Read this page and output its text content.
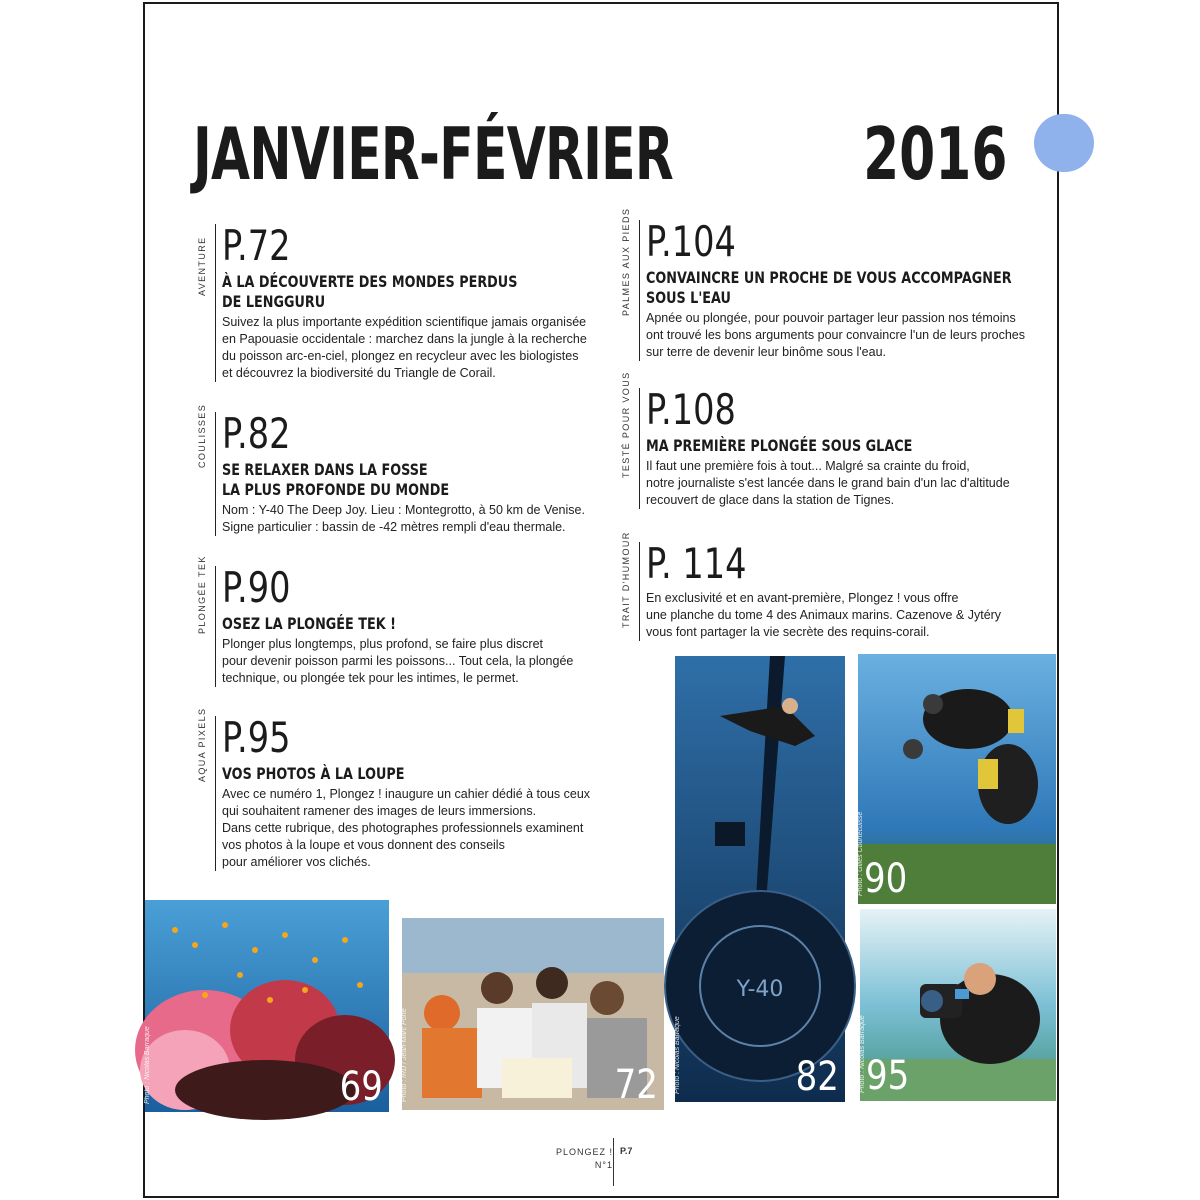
JANVIER-FÉVRIER	2016
AVENTURE P.72
À LA DÉCOUVERTE DES MONDES PERDUS
DE LENGGURU
Suivez la plus importante expédition scientifique jamais organisée
en Papouasie occidentale : marchez dans la jungle à la recherche
du poisson arc-en-ciel, plongez en recycleur avec les biologistes
et découvrez la biodiversité du Triangle de Corail.
COULISSES P.82
SE RELAXER DANS LA FOSSE
LA PLUS PROFONDE DU MONDE
Nom : Y-40 The Deep Joy. Lieu : Montegrotto, à 50 km de Venise.
Signe particulier : bassin de -42 mètres rempli d'eau thermale.
PLONGÉE TEK P.90
OSEZ LA PLONGÉE TEK !
Plonger plus longtemps, plus profond, se faire plus discret
pour devenir poisson parmi les poissons... Tout cela, la plongée
technique, ou plongée tek pour les intimes, le permet.
AQUA PIXELS P.95
VOS PHOTOS À LA LOUPE
Avec ce numéro 1, Plongez ! inaugure un cahier dédié à tous ceux
qui souhaitent ramener des images de leurs immersions.
Dans cette rubrique, des photographes professionnels examinent
vos photos à la loupe et vous donnent des conseils
pour améliorer vos clichés.
PALMES AUX PIEDS P.104
CONVAINCRE UN PROCHE DE VOUS ACCOMPAGNER
SOUS L'EAU
Apnée ou plongée, pour pouvoir partager leur passion nos témoins
ont trouvé les bons arguments pour convaincre l'un de leurs proches
sur terre de devenir leur binôme sous l'eau.
TESTÉ POUR VOUS P.108
MA PREMIÈRE PLONGÉE SOUS GLACE
Il faut une première fois à tout... Malgré sa crainte du froid,
notre journaliste s'est lancée dans le grand bain d'un lac d'altitude
recouvert de glace dans la station de Tignes.
TRAIT D'HUMOUR P. 114
En exclusivité et en avant-première, Plongez ! vous offre
une planche du tome 4 des Animaux marins. Cazenove & Jytéry
vous font partager la vie secrète des requins-corail.
Photo : Nicolas Barraque	69	Photo : IRD / Jean-Marc Porte	72
Y-40
Photo : Nicolas Barraque	82
Photo : Gilles Courtecuisse 90
Photo : Nicolas Barraque 95
PLONGEZ !
N°1
P.7
